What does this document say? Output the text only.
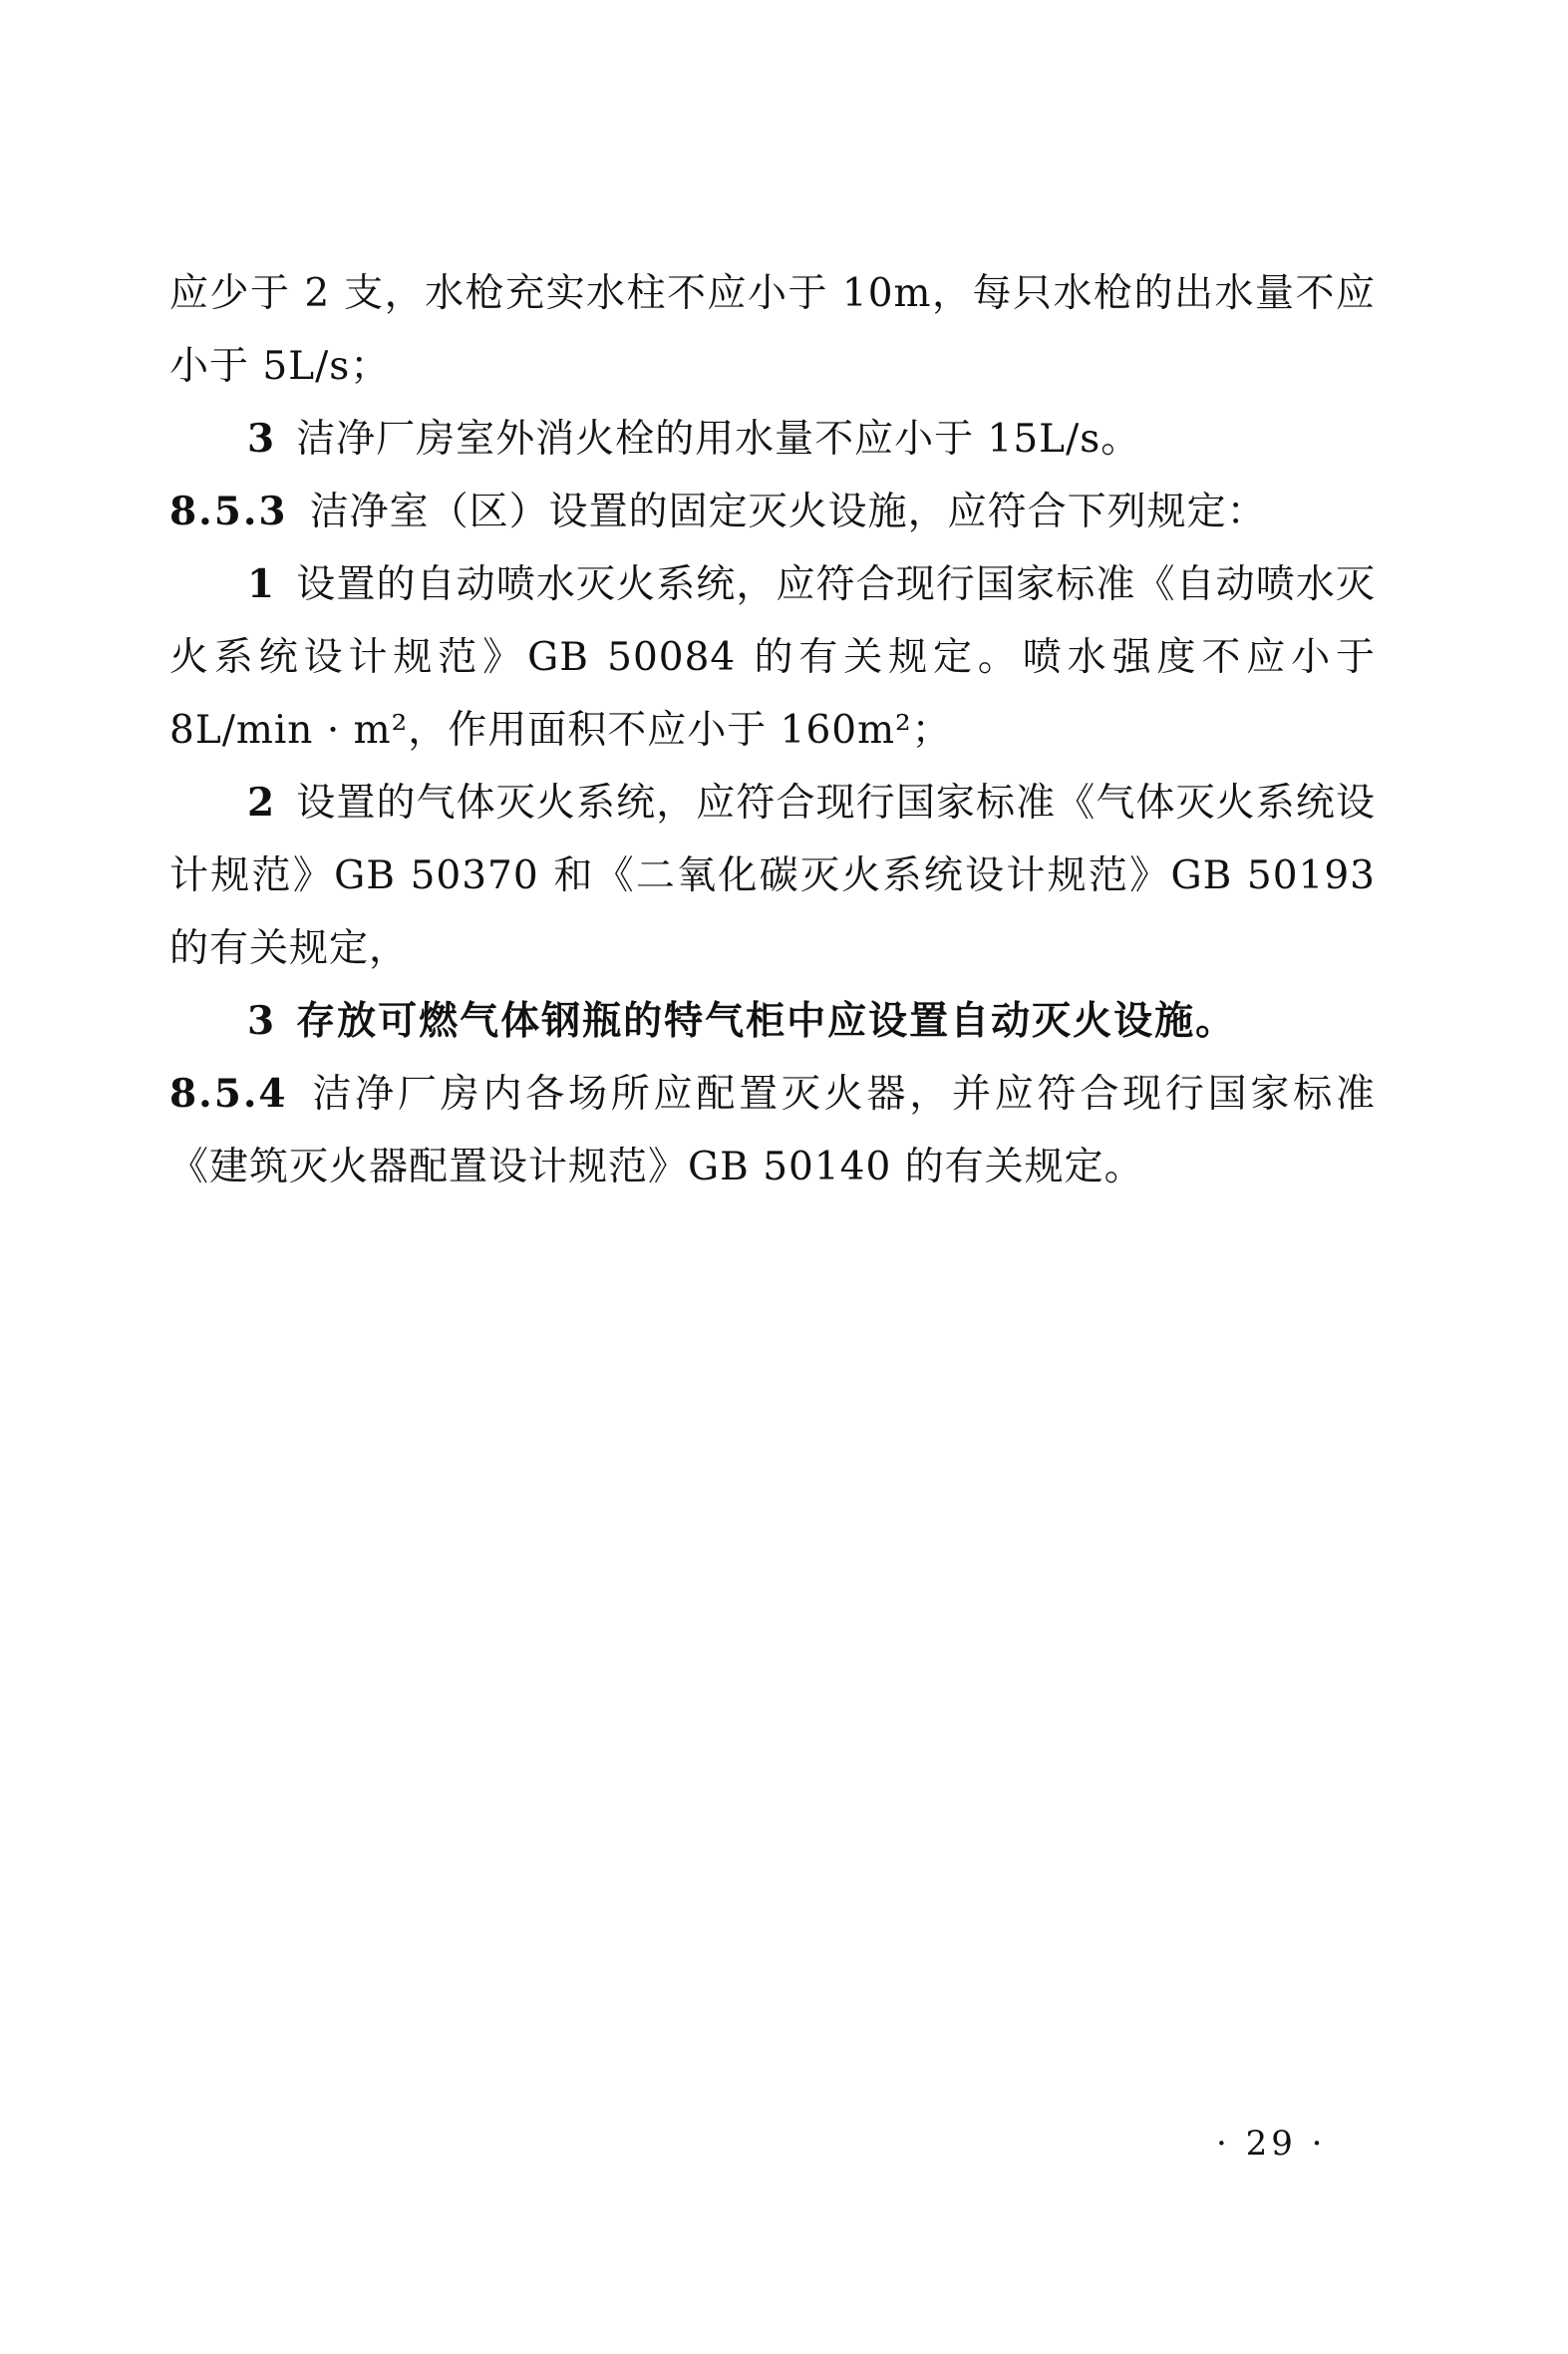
应少于 2 支，水枪充实水柱不应小于 10m，每只水枪的出水量不应小于 5L/s；

3 洁净厂房室外消火栓的用水量不应小于 15L/s。

8.5.3 洁净室（区）设置的固定灭火设施，应符合下列规定：

1 设置的自动喷水灭火系统，应符合现行国家标准《自动喷水灭火系统设计规范》GB 50084 的有关规定。喷水强度不应小于 8L/min · m²，作用面积不应小于 160m²；

2 设置的气体灭火系统，应符合现行国家标准《气体灭火系统设计规范》GB 50370 和《二氧化碳灭火系统设计规范》GB 50193 的有关规定，

3 存放可燃气体钢瓶的特气柜中应设置自动灭火设施。

8.5.4 洁净厂房内各场所应配置灭火器，并应符合现行国家标准《建筑灭火器配置设计规范》GB 50140 的有关规定。

· 29 ·
